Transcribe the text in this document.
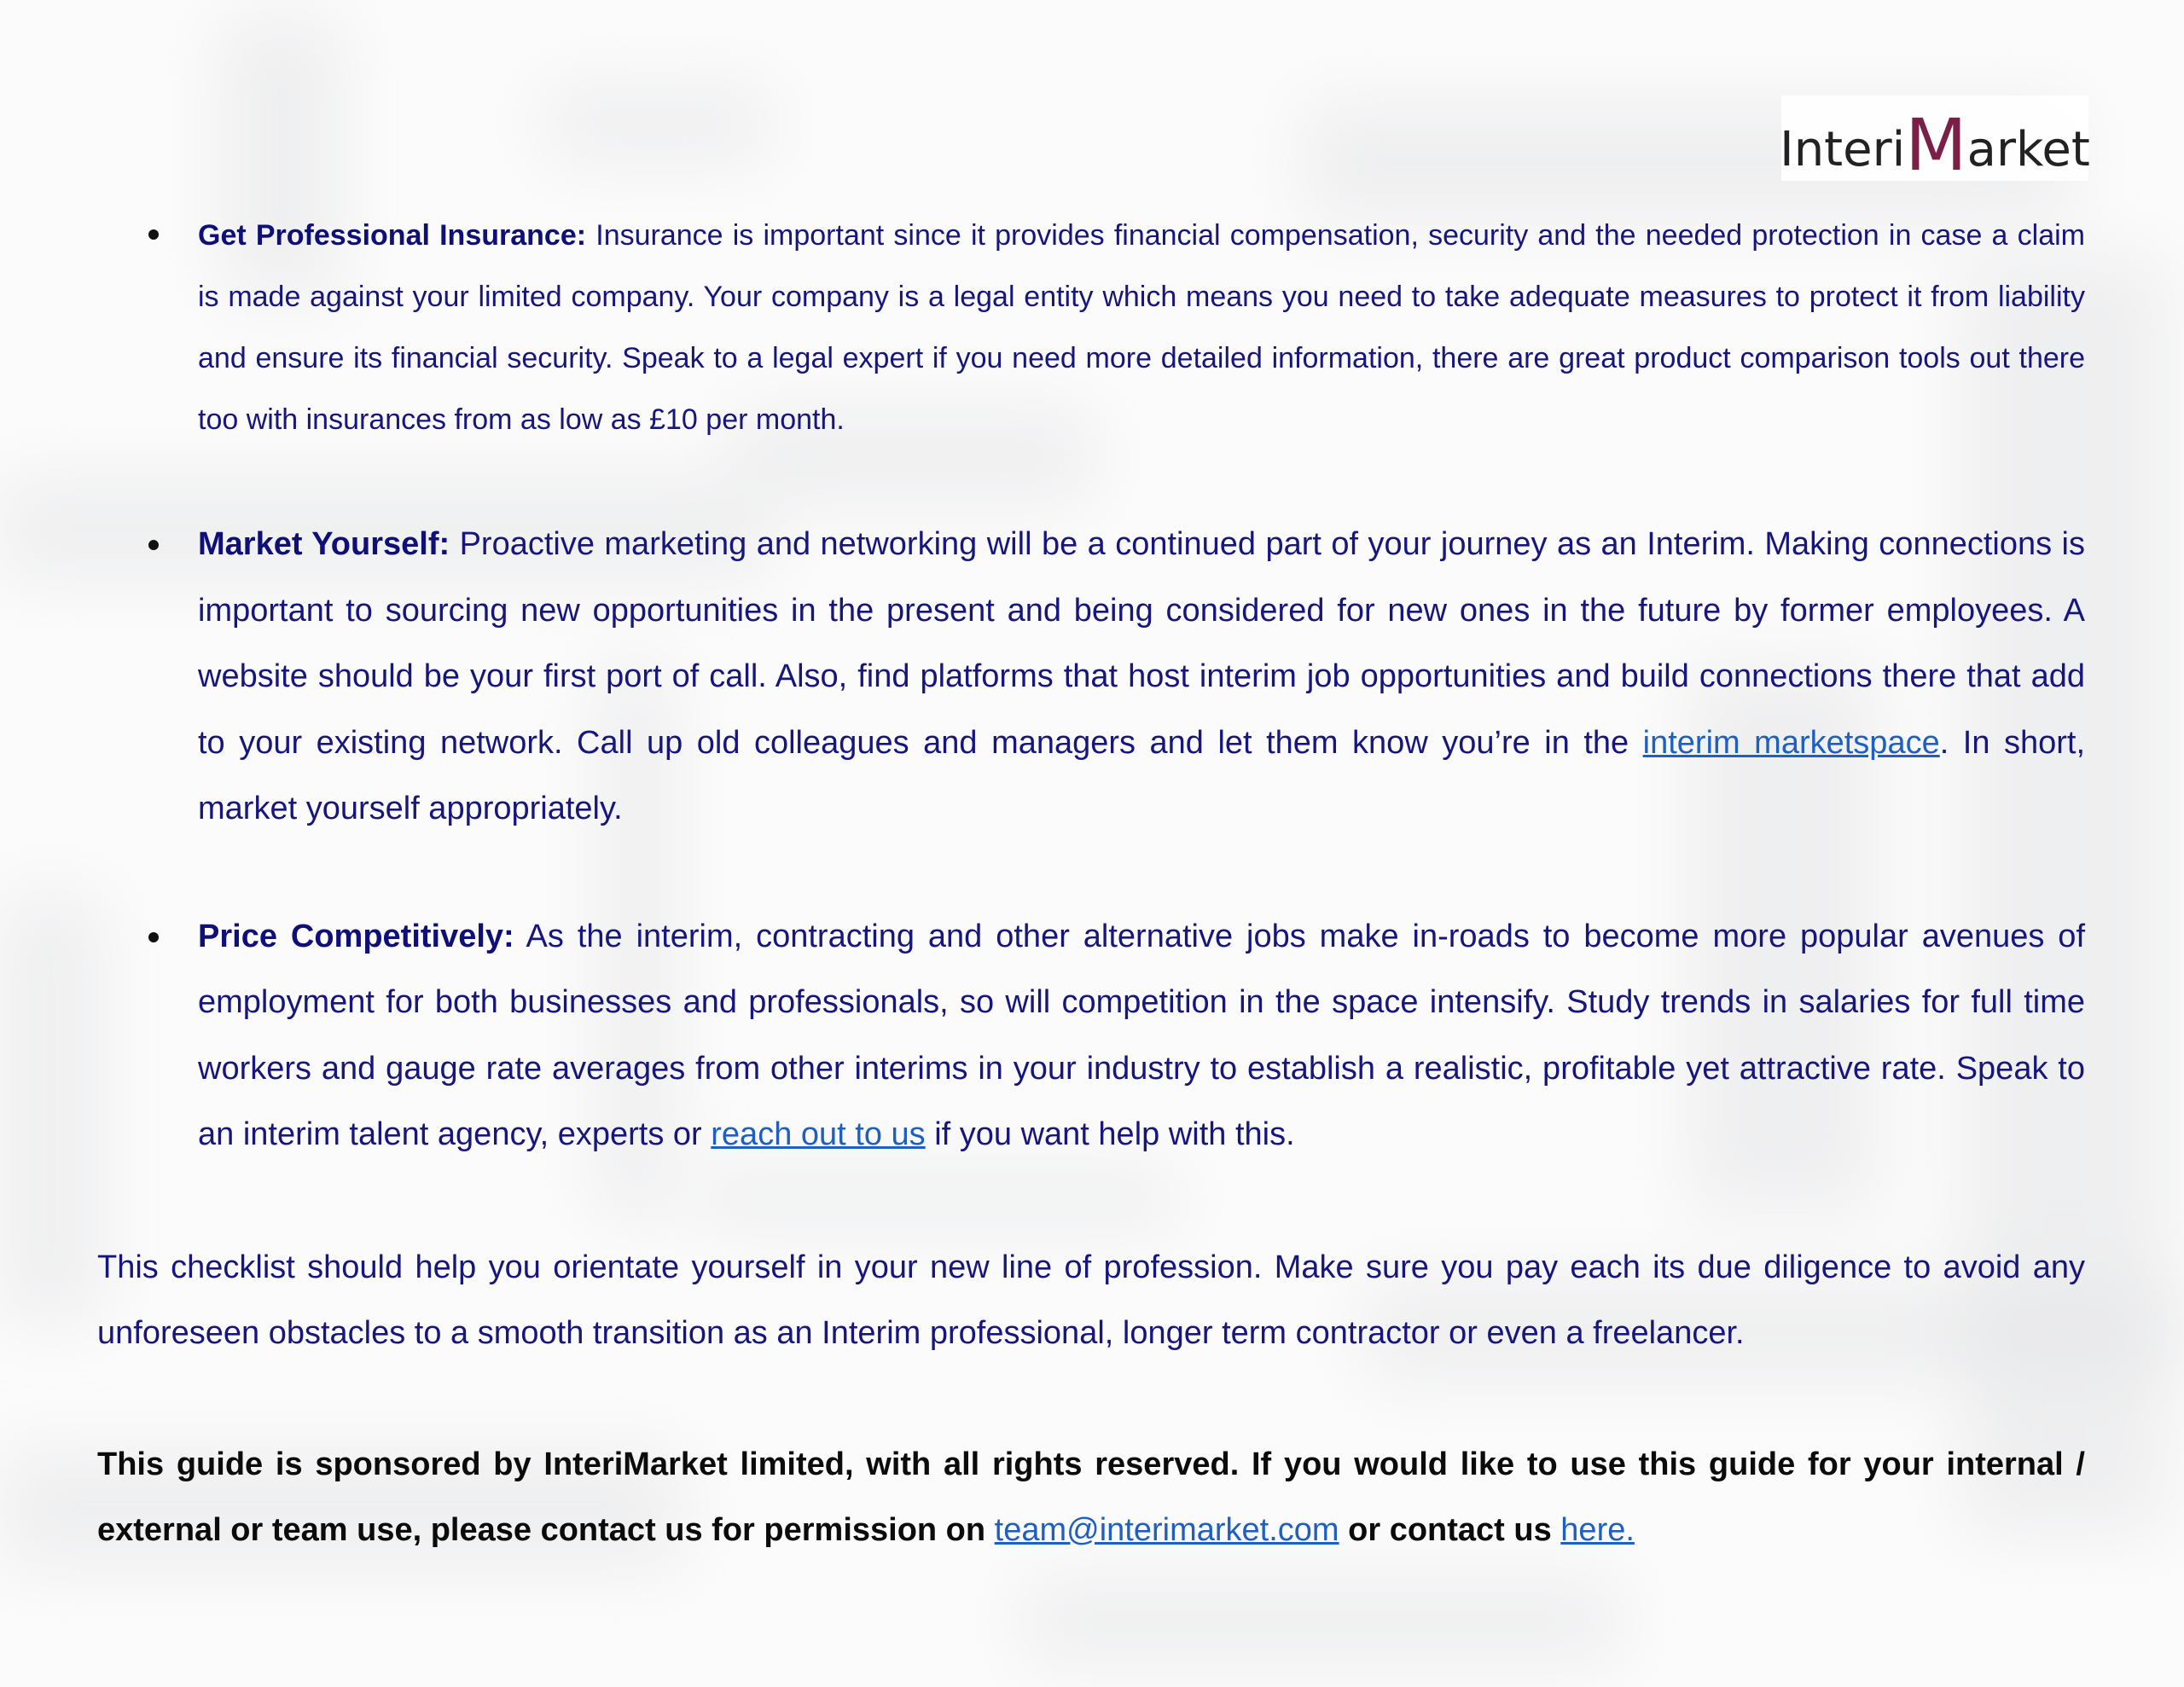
Interi M arket
Get Professional Insurance: Insurance is important since it provides financial compensation, security and the needed protection in case a claim is made against your limited company. Your company is a legal entity which means you need to take adequate measures to protect it from liability and ensure its financial security. Speak to a legal expert if you need more detailed information, there are great product comparison tools out there too with insurances from as low as £10 per month.
Market Yourself: Proactive marketing and networking will be a continued part of your journey as an Interim. Making connections is important to sourcing new opportunities in the present and being considered for new ones in the future by former employees. A website should be your first port of call. Also, find platforms that host interim job opportunities and build connections there that add to your existing network. Call up old colleagues and managers and let them know you’re in the interim marketspace. In short, market yourself appropriately.
Price Competitively: As the interim, contracting and other alternative jobs make in-roads to become more popular avenues of employment for both businesses and professionals, so will competition in the space intensify. Study trends in salaries for full time workers and gauge rate averages from other interims in your industry to establish a realistic, profitable yet attractive rate. Speak to an interim talent agency, experts or reach out to us if you want help with this.

This checklist should help you orientate yourself in your new line of profession. Make sure you pay each its due diligence to avoid any unforeseen obstacles to a smooth transition as an Interim professional, longer term contractor or even a freelancer.

This guide is sponsored by InteriMarket limited, with all rights reserved. If you would like to use this guide for your internal / external or team use, please contact us for permission on team@interimarket.com or contact us here.
